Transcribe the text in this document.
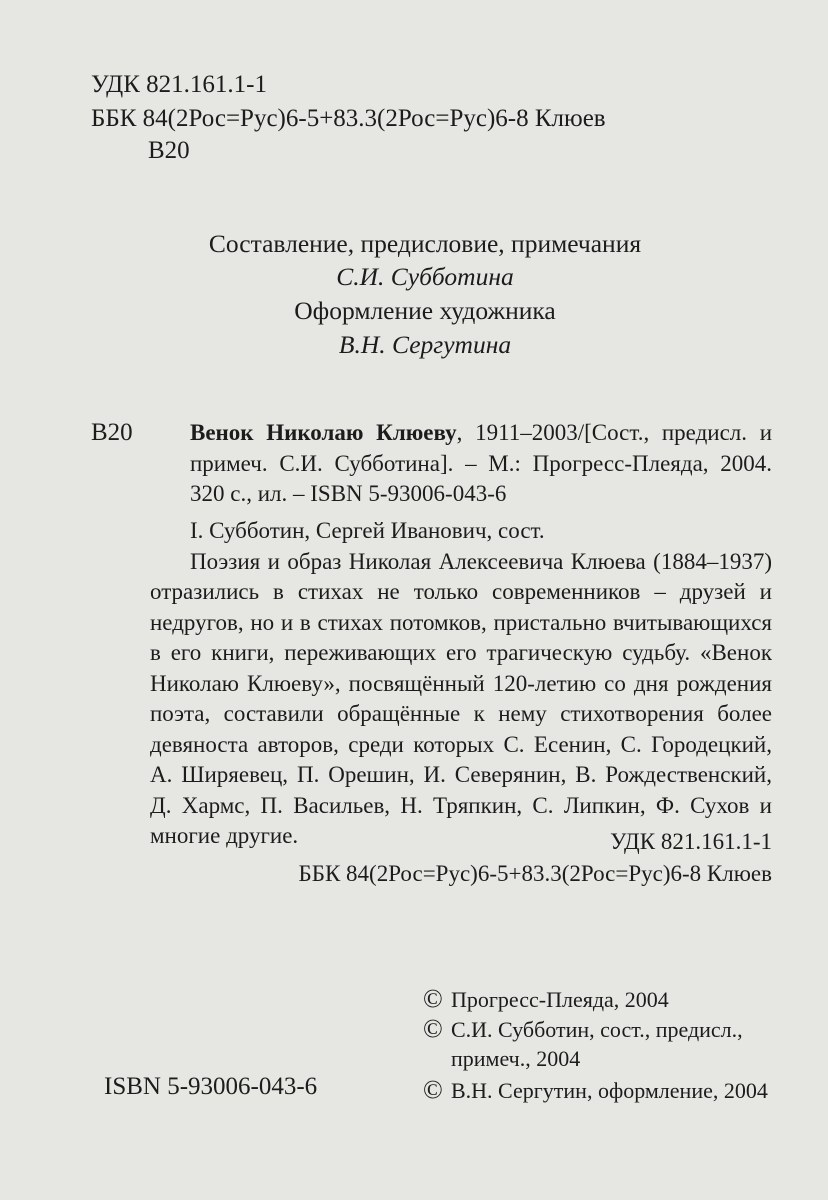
УДК 821.161.1-1
ББК 84(2Рос=Рус)6-5+83.3(2Рос=Рус)6-8 Клюев
В20
Составление, предисловие, примечания
С.И. Субботина
Оформление художника
В.Н. Сергутина
В20 Венок Николаю Клюеву, 1911–2003/[Сост., предисл. и примеч. С.И. Субботина]. – М.: Прогресс-Плеяда, 2004. 320 с., ил. – ISBN 5-93006-043-6

I. Субботин, Сергей Иванович, сост.

Поэзия и образ Николая Алексеевича Клюева (1884–1937) отразились в стихах не только современников – друзей и недругов, но и в стихах потомков, пристально вчитывающихся в его книги, переживающих его трагическую судьбу. «Венок Николаю Клюеву», посвящённый 120-летию со дня рождения поэта, составили обращённые к нему стихотворения более девяноста авторов, среди которых С. Есенин, С. Городецкий, А. Ширяевец, П. Орешин, И. Северянин, В. Рождественский, Д. Хармс, П. Васильев, Н. Тряпкин, С. Липкин, Ф. Сухов и многие другие.	УДК 821.161.1-1
ББК 84(2Рос=Рус)6-5+83.3(2Рос=Рус)6-8 Клюев
© Прогресс-Плеяда, 2004
© С.И. Субботин, сост., предисл.,
примеч., 2004
© В.Н. Сергутин, оформление, 2004
ISBN 5-93006-043-6
